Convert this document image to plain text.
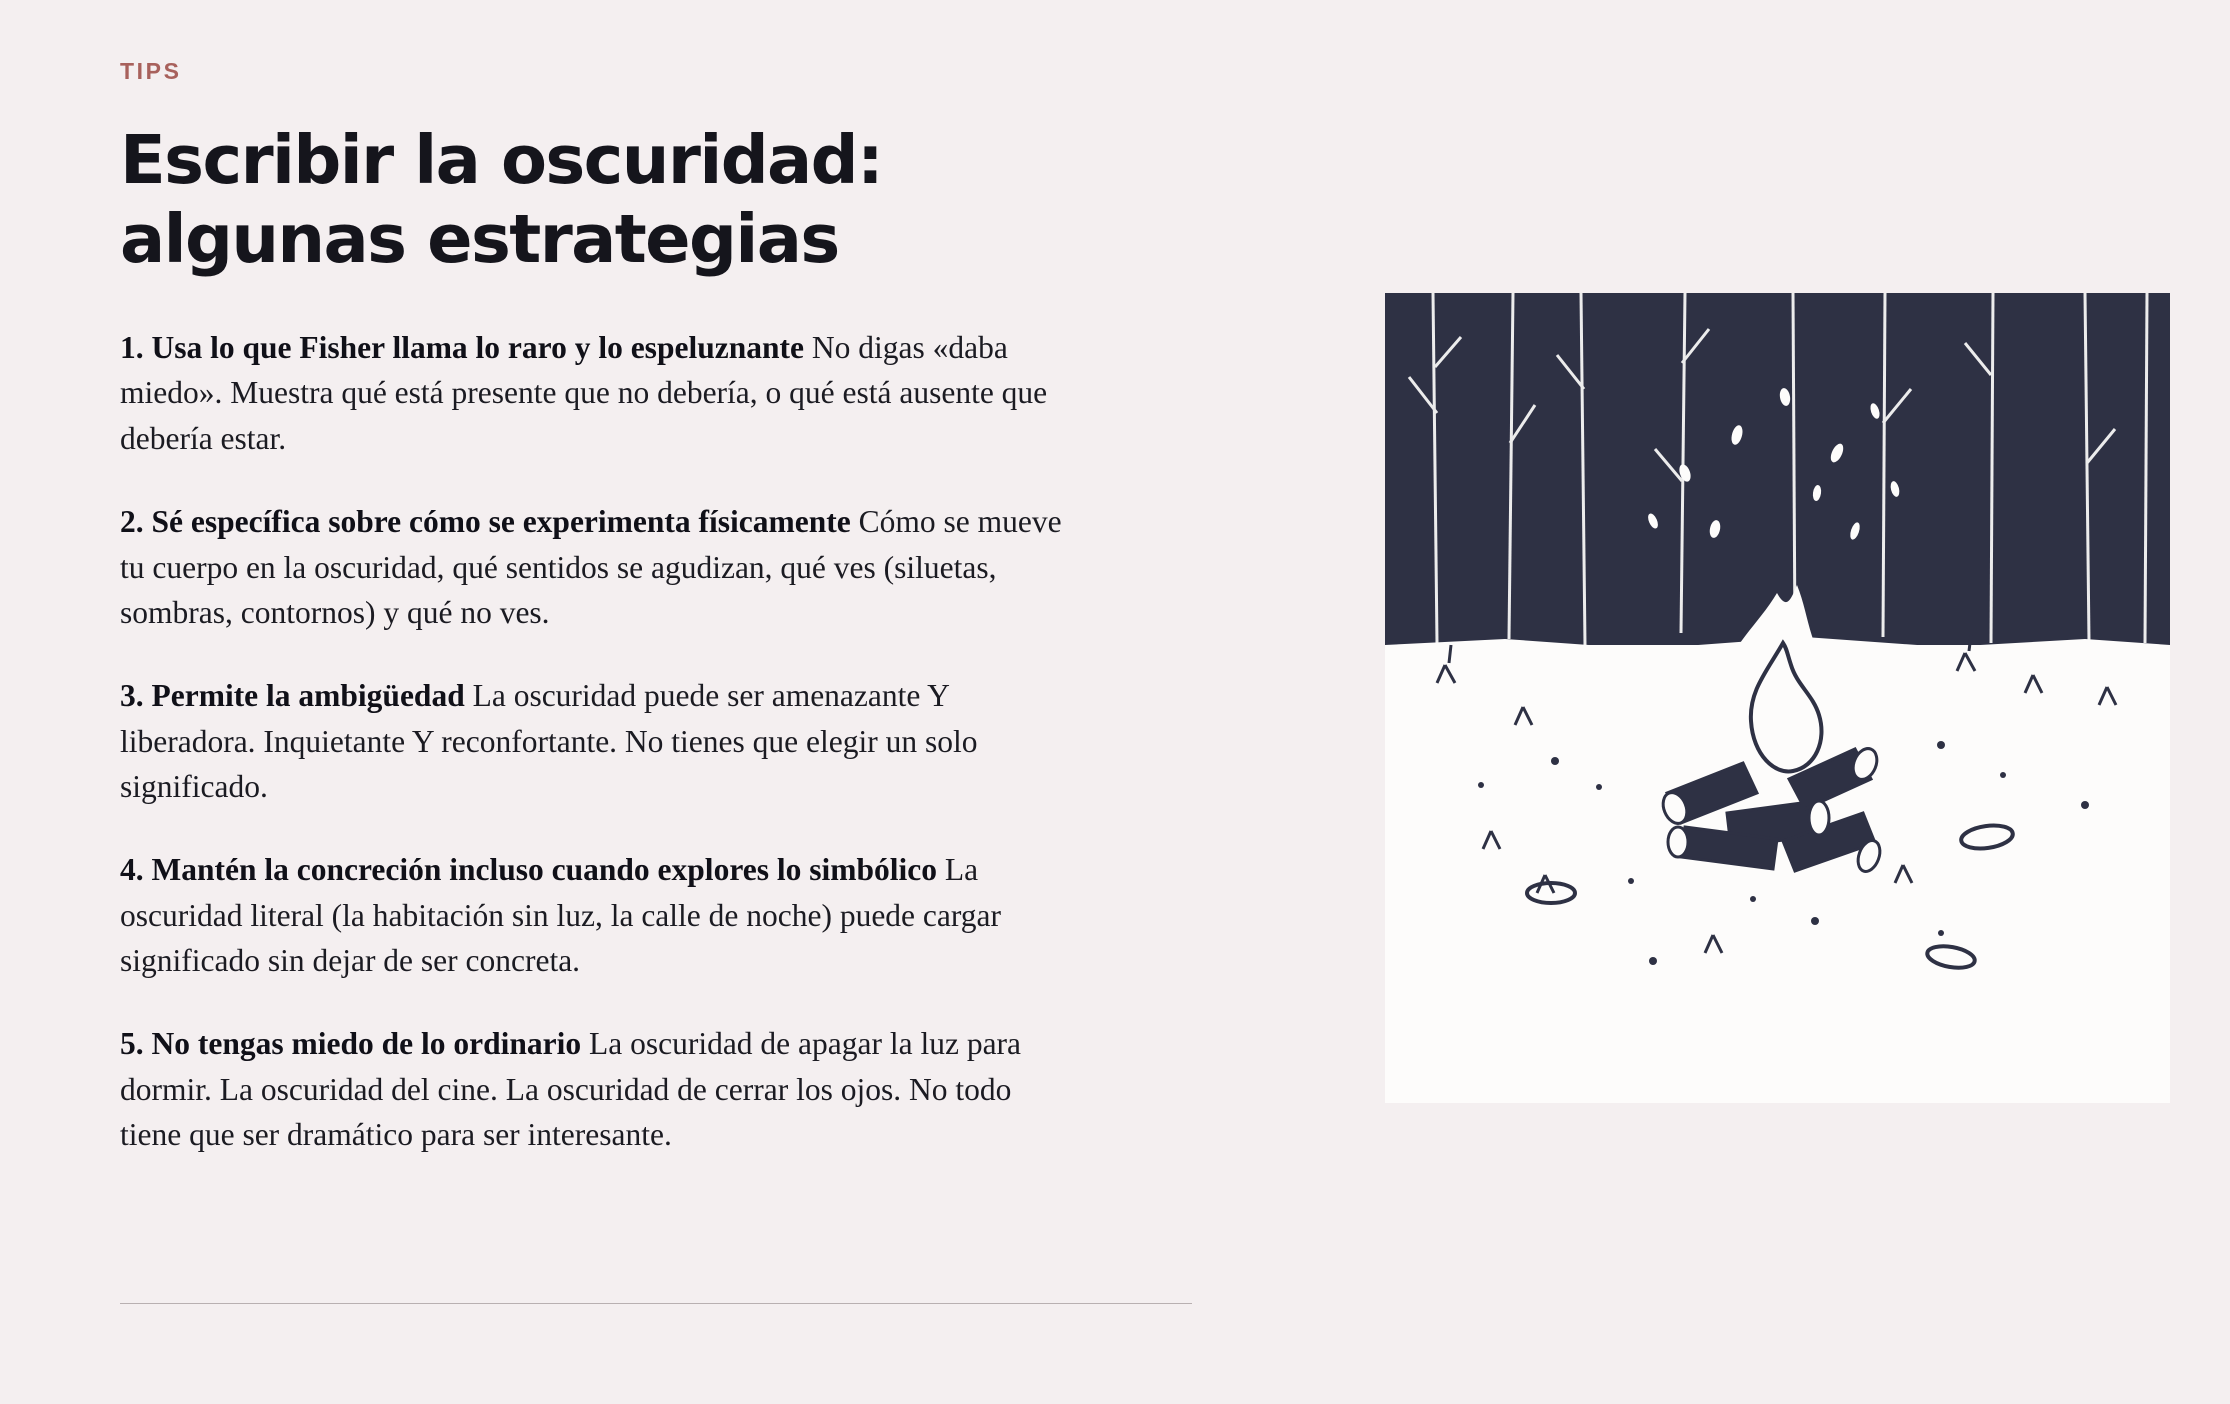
TIPS
Escribir la oscuridad: algunas estrategias
1. Usa lo que Fisher llama lo raro y lo espeluznante No digas «daba miedo». Muestra qué está presente que no debería, o qué está ausente que debería estar.
2. Sé específica sobre cómo se experimenta físicamente Cómo se mueve tu cuerpo en la oscuridad, qué sentidos se agudizan, qué ves (siluetas, sombras, contornos) y qué no ves.
3. Permite la ambigüedad La oscuridad puede ser amenazante Y liberadora. Inquietante Y reconfortante. No tienes que elegir un solo significado.
4. Mantén la concreción incluso cuando explores lo simbólico La oscuridad literal (la habitación sin luz, la calle de noche) puede cargar significado sin dejar de ser concreta.
5. No tengas miedo de lo ordinario La oscuridad de apagar la luz para dormir. La oscuridad del cine. La oscuridad de cerrar los ojos. No todo tiene que ser dramático para ser interesante.
